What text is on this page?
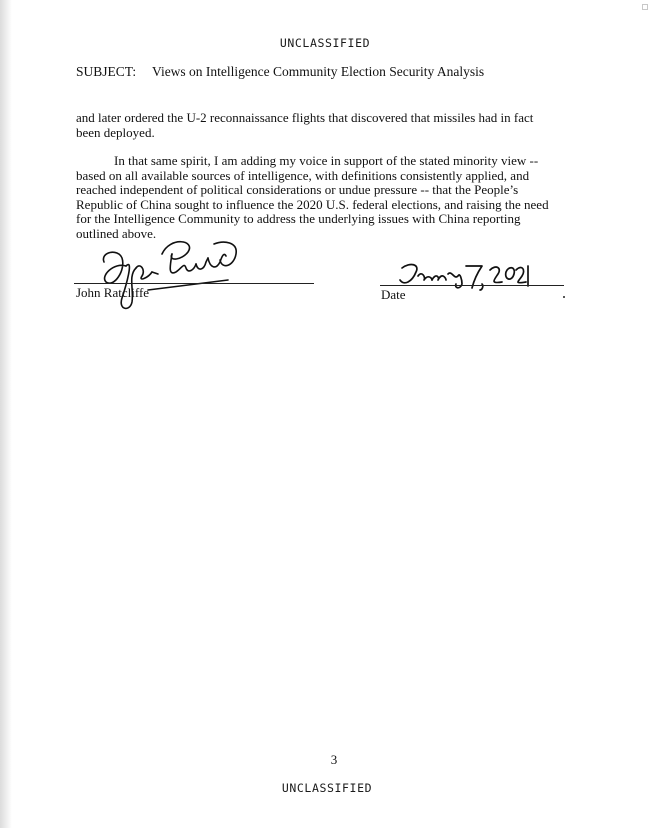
UNCLASSIFIED
SUBJECT:	Views on Intelligence Community Election Security Analysis
and later ordered the U-2 reconnaissance flights that discovered that missiles had in fact been deployed.
In that same spirit, I am adding my voice in support of the stated minority view -- based on all available sources of intelligence, with definitions consistently applied, and reached independent of political considerations or undue pressure -- that the People’s Republic of China sought to influence the 2020 U.S. federal elections, and raising the need for the Intelligence Community to address the underlying issues with China reporting outlined above.
John Ratcliffe	Date
3
UNCLASSIFIED
